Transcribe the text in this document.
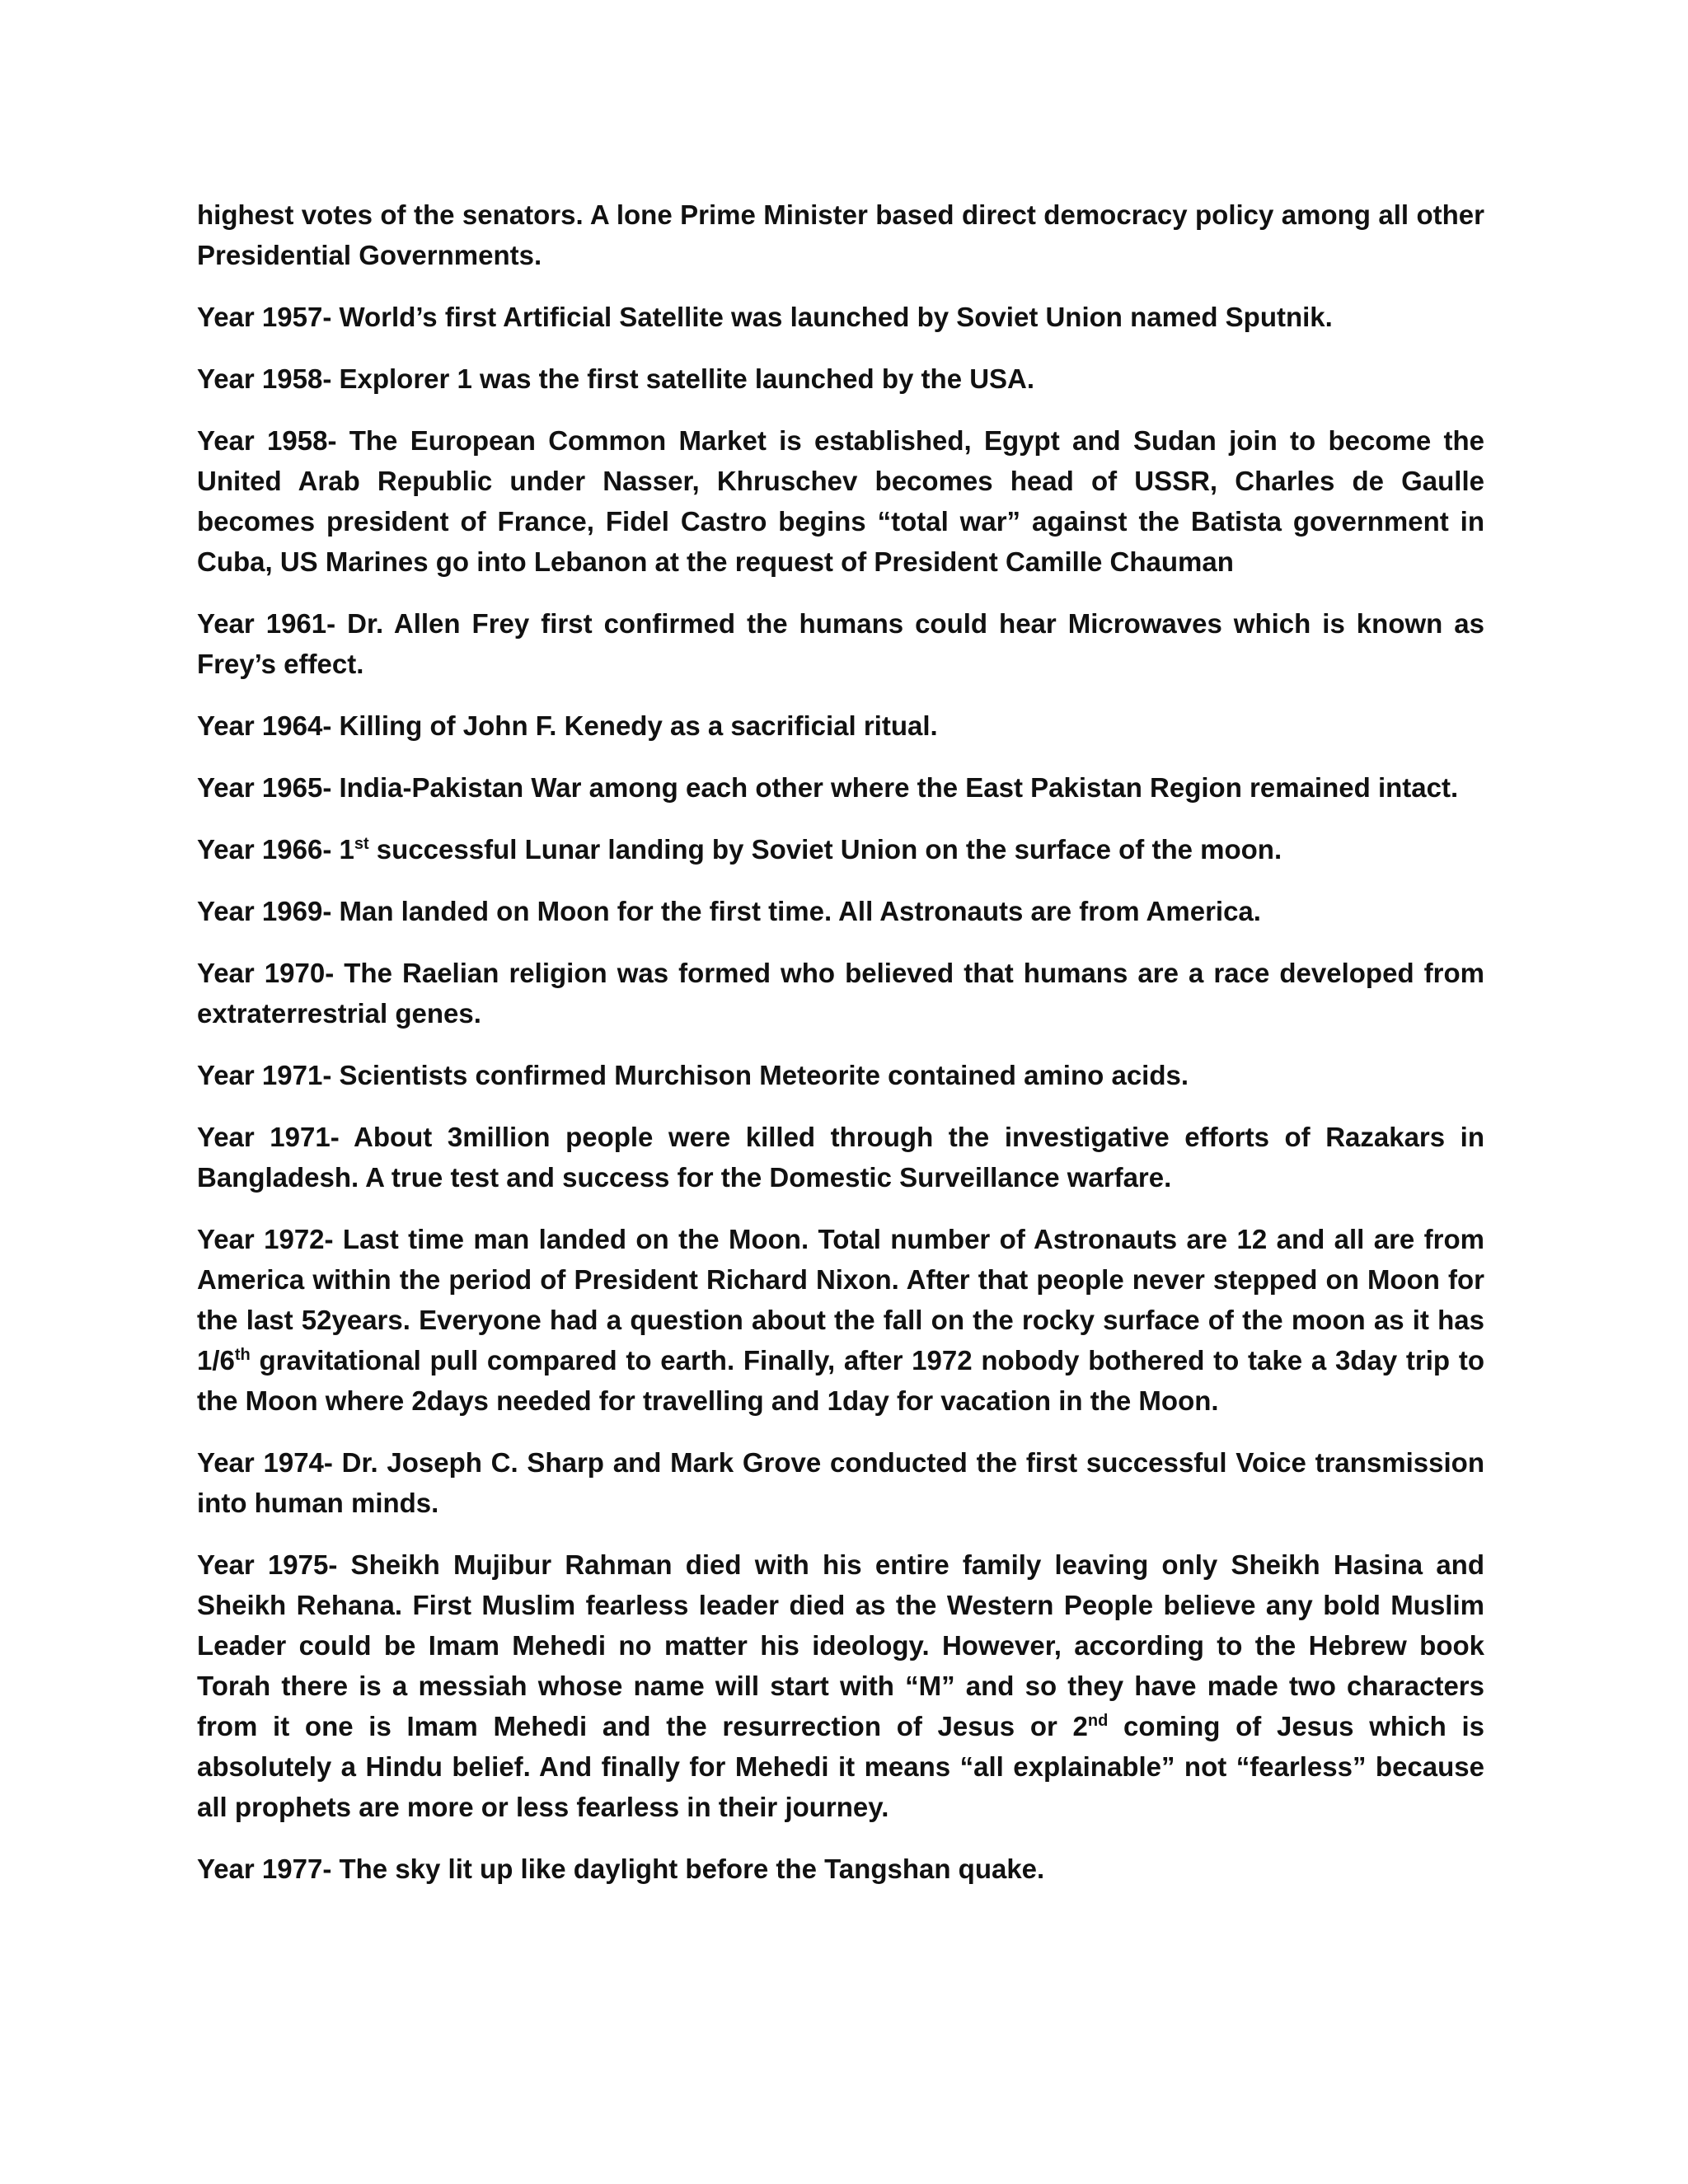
highest votes of the senators. A lone Prime Minister based direct democracy policy among all other Presidential Governments.

Year 1957- World’s first Artificial Satellite was launched by Soviet Union named Sputnik.

Year 1958- Explorer 1 was the first satellite launched by the USA.

Year 1958- The European Common Market is established, Egypt and Sudan join to become the United Arab Republic under Nasser, Khruschev becomes head of USSR, Charles de Gaulle becomes president of France, Fidel Castro begins “total war” against the Batista government in Cuba, US Marines go into Lebanon at the request of President Camille Chauman

Year 1961- Dr. Allen Frey first confirmed the humans could hear Microwaves which is known as Frey’s effect.

Year 1964- Killing of John F. Kenedy as a sacrificial ritual.

Year 1965- India-Pakistan War among each other where the East Pakistan Region remained intact.

Year 1966- 1st successful Lunar landing by Soviet Union on the surface of the moon.

Year 1969- Man landed on Moon for the first time. All Astronauts are from America.

Year 1970- The Raelian religion was formed who believed that humans are a race developed from extraterrestrial genes.

Year 1971- Scientists confirmed Murchison Meteorite contained amino acids.

Year 1971- About 3million people were killed through the investigative efforts of Razakars in Bangladesh. A true test and success for the Domestic Surveillance warfare.

Year 1972- Last time man landed on the Moon. Total number of Astronauts are 12 and all are from America within the period of President Richard Nixon. After that people never stepped on Moon for the last 52years. Everyone had a question about the fall on the rocky surface of the moon as it has 1/6th gravitational pull compared to earth. Finally, after 1972 nobody bothered to take a 3day trip to the Moon where 2days needed for travelling and 1day for vacation in the Moon.

Year 1974- Dr. Joseph C. Sharp and Mark Grove conducted the first successful Voice transmission into human minds.

Year 1975- Sheikh Mujibur Rahman died with his entire family leaving only Sheikh Hasina and Sheikh Rehana. First Muslim fearless leader died as the Western People believe any bold Muslim Leader could be Imam Mehedi no matter his ideology. However, according to the Hebrew book Torah there is a messiah whose name will start with “M” and so they have made two characters from it one is Imam Mehedi and the resurrection of Jesus or 2nd coming of Jesus which is absolutely a Hindu belief. And finally for Mehedi it means “all explainable” not “fearless” because all prophets are more or less fearless in their journey.

Year 1977- The sky lit up like daylight before the Tangshan quake.
